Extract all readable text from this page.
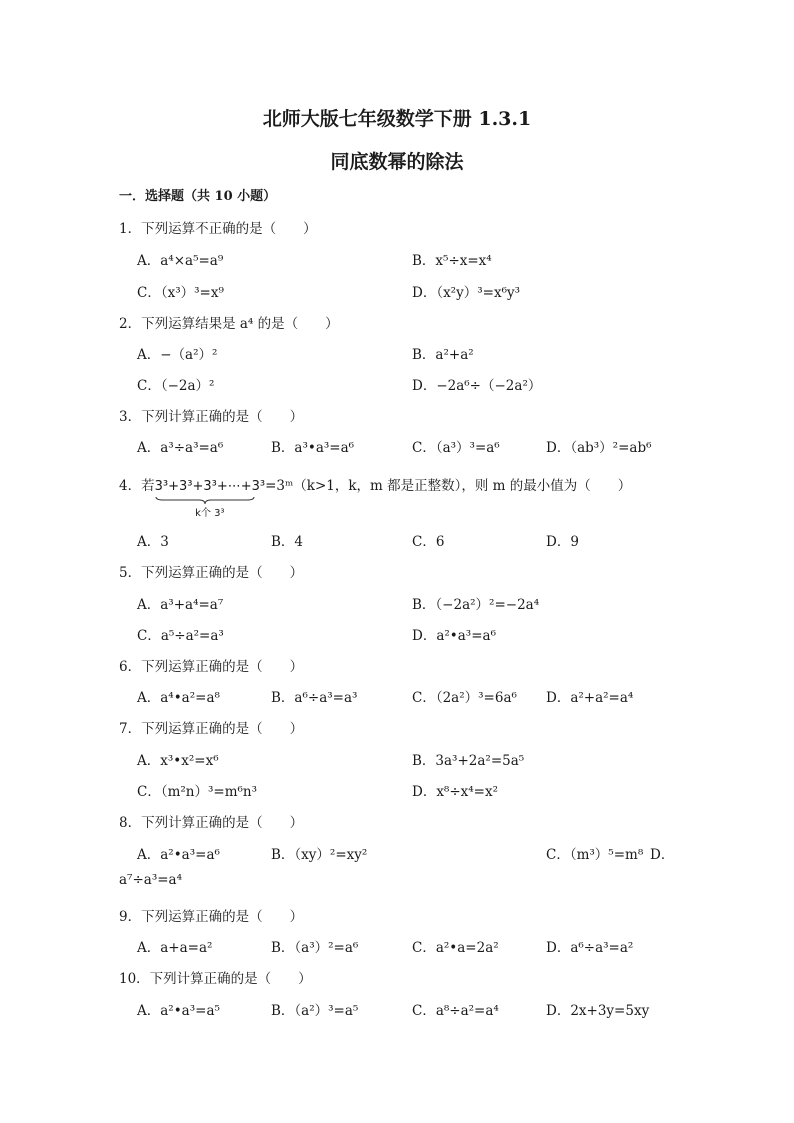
北师大版七年级数学下册 1.3.1
同底数幂的除法
一．选择题（共 10 小题）
1．下列运算不正确的是（　　）
A．a⁴×a⁵=a⁹	B．x⁵÷x=x⁴
C．（x³）³=x⁹	D．（x²y）³=x⁶y³
2．下列运算结果是 a⁴ 的是（　　）
A．−（a²）²	B．a²+a²
C．（−2a）²	D．−2a⁶÷（−2a²）
3．下列计算正确的是（　　）
A．a³÷a³=a⁶	B．a³•a³=a⁶	C．（a³）³=a⁶	D．（ab³）²=ab⁶
4．若3³+3³+3³+⋯+3³
k个 3³
=3ᵐ（k>1，k，m 都是正整数），则 m 的最小值为（　　）
A．3	B．4	C．6	D．9
5．下列运算正确的是（　　）
A．a³+a⁴=a⁷	B．（−2a²）²=−2a⁴
C．a⁵÷a²=a³	D．a²•a³=a⁶
6．下列运算正确的是（　　）
A．a⁴•a²=a⁸	B．a⁶÷a³=a³	C．（2a²）³=6a⁶ D．a²+a²=a⁴
7．下列运算正确的是（　　）
A．x³•x²=x⁶	B．3a³+2a²=5a⁵
C．（m²n）³=m⁶n³	D．x⁸÷x⁴=x²
8．下列计算正确的是（　　）
A．a²•a³=a⁶	B．（xy）²=xy²	C．（m³）⁵=m⁸ D．
a⁷÷a³=a⁴
9．下列运算正确的是（　　）
A．a+a=a²	B．（a³）²=a⁶	C．a²•a=2a²	D．a⁶÷a³=a²
10．下列计算正确的是（　　）
A．a²•a³=a⁵	B．（a²）³=a⁵	C．a⁸÷a²=a⁴	D．2x+3y=5xy
